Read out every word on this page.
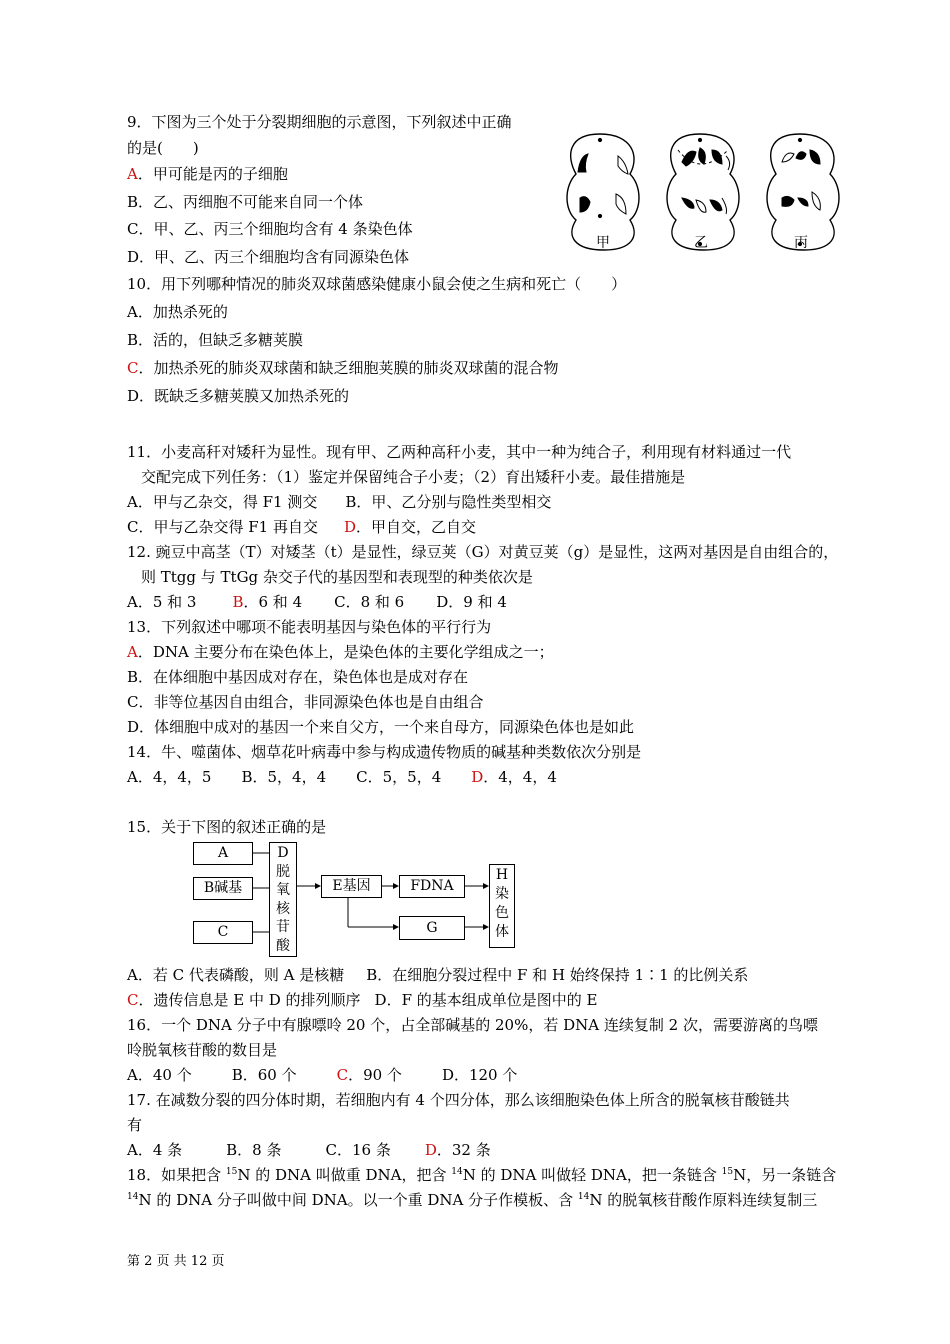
9．下图为三个处于分裂期细胞的示意图，下列叙述中正确
的是(　　)
A．甲可能是丙的子细胞
B．乙、丙细胞不可能来自同一个体
C．甲、乙、丙三个细胞均含有 4 条染色体
D．甲、乙、丙三个细胞均含有同源染色体
甲	乙	丙
10．用下列哪种情况的肺炎双球菌感染健康小鼠会使之生病和死亡（　　）
A．加热杀死的
B．活的，但缺乏多糖荚膜
C．加热杀死的肺炎双球菌和缺乏细胞荚膜的肺炎双球菌的混合物
D．既缺乏多糖荚膜又加热杀死的
11．小麦高秆对矮秆为显性。现有甲、乙两种高秆小麦，其中一种为纯合子，利用现有材料通过一代
交配完成下列任务：（1）鉴定并保留纯合子小麦；（2）育出矮秆小麦。最佳措施是
A．甲与乙杂交，得 F1 测交 B．甲、乙分别与隐性类型相交
C．甲与乙杂交得 F1 再自交 D．甲自交，乙自交
12. 豌豆中高茎（T）对矮茎（t）是显性，绿豆荚（G）对黄豆荚（g）是显性，这两对基因是自由组合的，
则 Ttgg 与 TtGg 杂交子代的基因型和表现型的种类依次是
A．5 和 3 B．6 和 4 C．8 和 6 D．9 和 4
13．下列叙述中哪项不能表明基因与染色体的平行行为
A．DNA 主要分布在染色体上，是染色体的主要化学组成之一；
B．在体细胞中基因成对存在，染色体也是成对存在
C．非等位基因自由组合，非同源染色体也是自由组合
D．体细胞中成对的基因一个来自父方，一个来自母方，同源染色体也是如此
14．牛、噬菌体、烟草花叶病毒中参与构成遗传物质的碱基种类数依次分别是
A．4，4，5 B．5，4，4 C．5，5，4 D．4，4，4
15．关于下图的叙述正确的是
A
B碱基
C
D
脱
氧
核
苷
酸
E基因	FDNA
G
H
染
色
体
A．若 C 代表磷酸，则 A 是核糖 B．在细胞分裂过程中 F 和 H 始终保持 1∶1 的比例关系
C．遗传信息是 E 中 D 的排列顺序 D．F 的基本组成单位是图中的 E
16．一个 DNA 分子中有腺嘌呤 20 个，占全部碱基的 20%，若 DNA 连续复制 2 次，需要游离的鸟嘌
呤脱氧核苷酸的数目是
A．40 个	B．60 个	C．90 个	D．120 个
17. 在减数分裂的四分体时期，若细胞内有 4 个四分体，那么该细胞染色体上所含的脱氧核苷酸链共
有
A．4 条	B．8 条	C．16 条 D．32 条
18．如果把含 $^{15}$N 的 DNA 叫做重 DNA，把含 $^{14}$N 的 DNA 叫做轻 DNA，把一条链含 $^{15}$N，另一条链含
$^{14}$N 的 DNA 分子叫做中间 DNA。以一个重 DNA 分子作模板、含 $^{14}$N 的脱氧核苷酸作原料连续复制三
第 2 页 共 12 页
